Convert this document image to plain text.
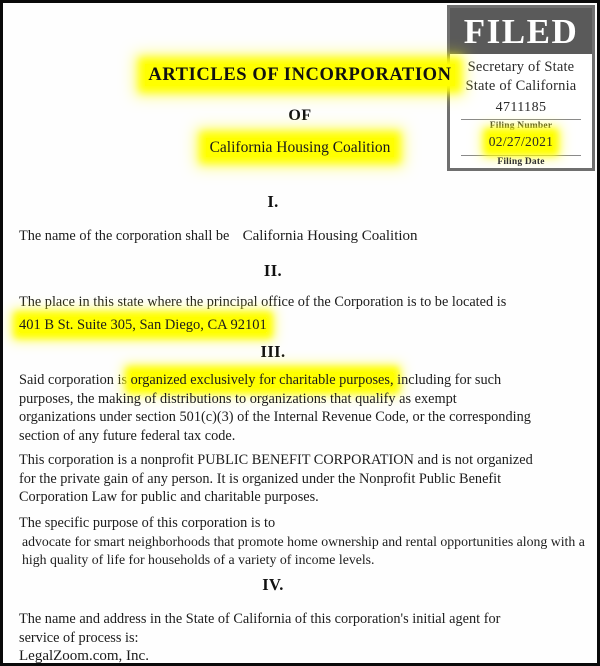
FILED
Secretary of State
State of California
4711185
Filing Number
02/27/2021
Filing Date
ARTICLES OF INCORPORATION
OF
California Housing Coalition
I.
The name of the corporation shall be California Housing Coalition
II.
The place in this state where the principal office of the Corporation is to be located is
401 B St. Suite 305, San Diego, CA 92101
III.
Said corporation is organized exclusively for charitable purposes, including for such purposes, the making of distributions to organizations that qualify as exempt organizations under section 501(c)(3) of the Internal Revenue Code, or the corresponding section of any future federal tax code.
This corporation is a nonprofit PUBLIC BENEFIT CORPORATION and is not organized for the private gain of any person. It is organized under the Nonprofit Public Benefit Corporation Law for public and charitable purposes.
The specific purpose of this corporation is to
advocate for smart neighborhoods that promote home ownership and rental opportunities along with a high quality of life for households of a variety of income levels.
IV.
The name and address in the State of California of this corporation's initial agent for service of process is:
LegalZoom.com, Inc.
